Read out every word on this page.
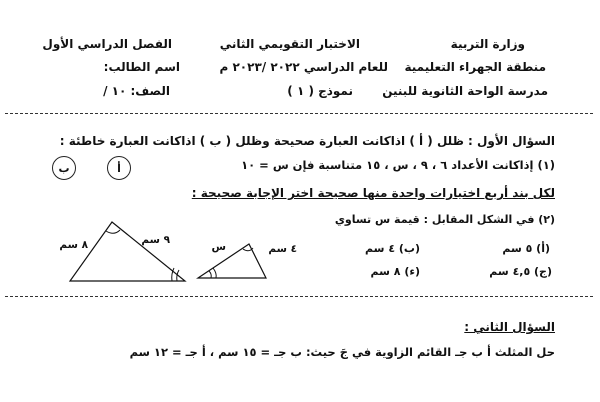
وزارة التربية
منطقة الجهراء التعليمية
مدرسة الواحة الثانوية للبنين
الاختبار التقويمي الثاني
للعام الدراسي ٢٠٢٢ /٢٠٢٣ م
نموذج ( ١ )
الفصل الدراسي الأول
اسم الطالب:
الصف: ١٠ /
السؤال الأول : ظلل ( أ ) اذاكانت العبارة صحيحة وظلل ( ب ) اذاكانت العبارة خاطئة :
(١) إذاكانت الأعداد ٦ ، ٩ ، س ، ١٥ متناسبة فإن س = ١٠
أ
ب
لكل بند أربع اختيارات واحدة منها صحيحة اختر الإجابة صحيحة :
(٢) في الشكل المقابل : قيمة س تساوي
(أ) ٥ سم
(ب) ٤ سم
(ج) ٤,٥ سم
(ء) ٨ سم
٨ سم	٩ سم
س	٤ سم
السؤال الثاني :
حل المثلث أ ب جـ القائم الزاوية في جَ حيث: ب جـ = ١٥ سم ، أ جـ = ١٢ سم
